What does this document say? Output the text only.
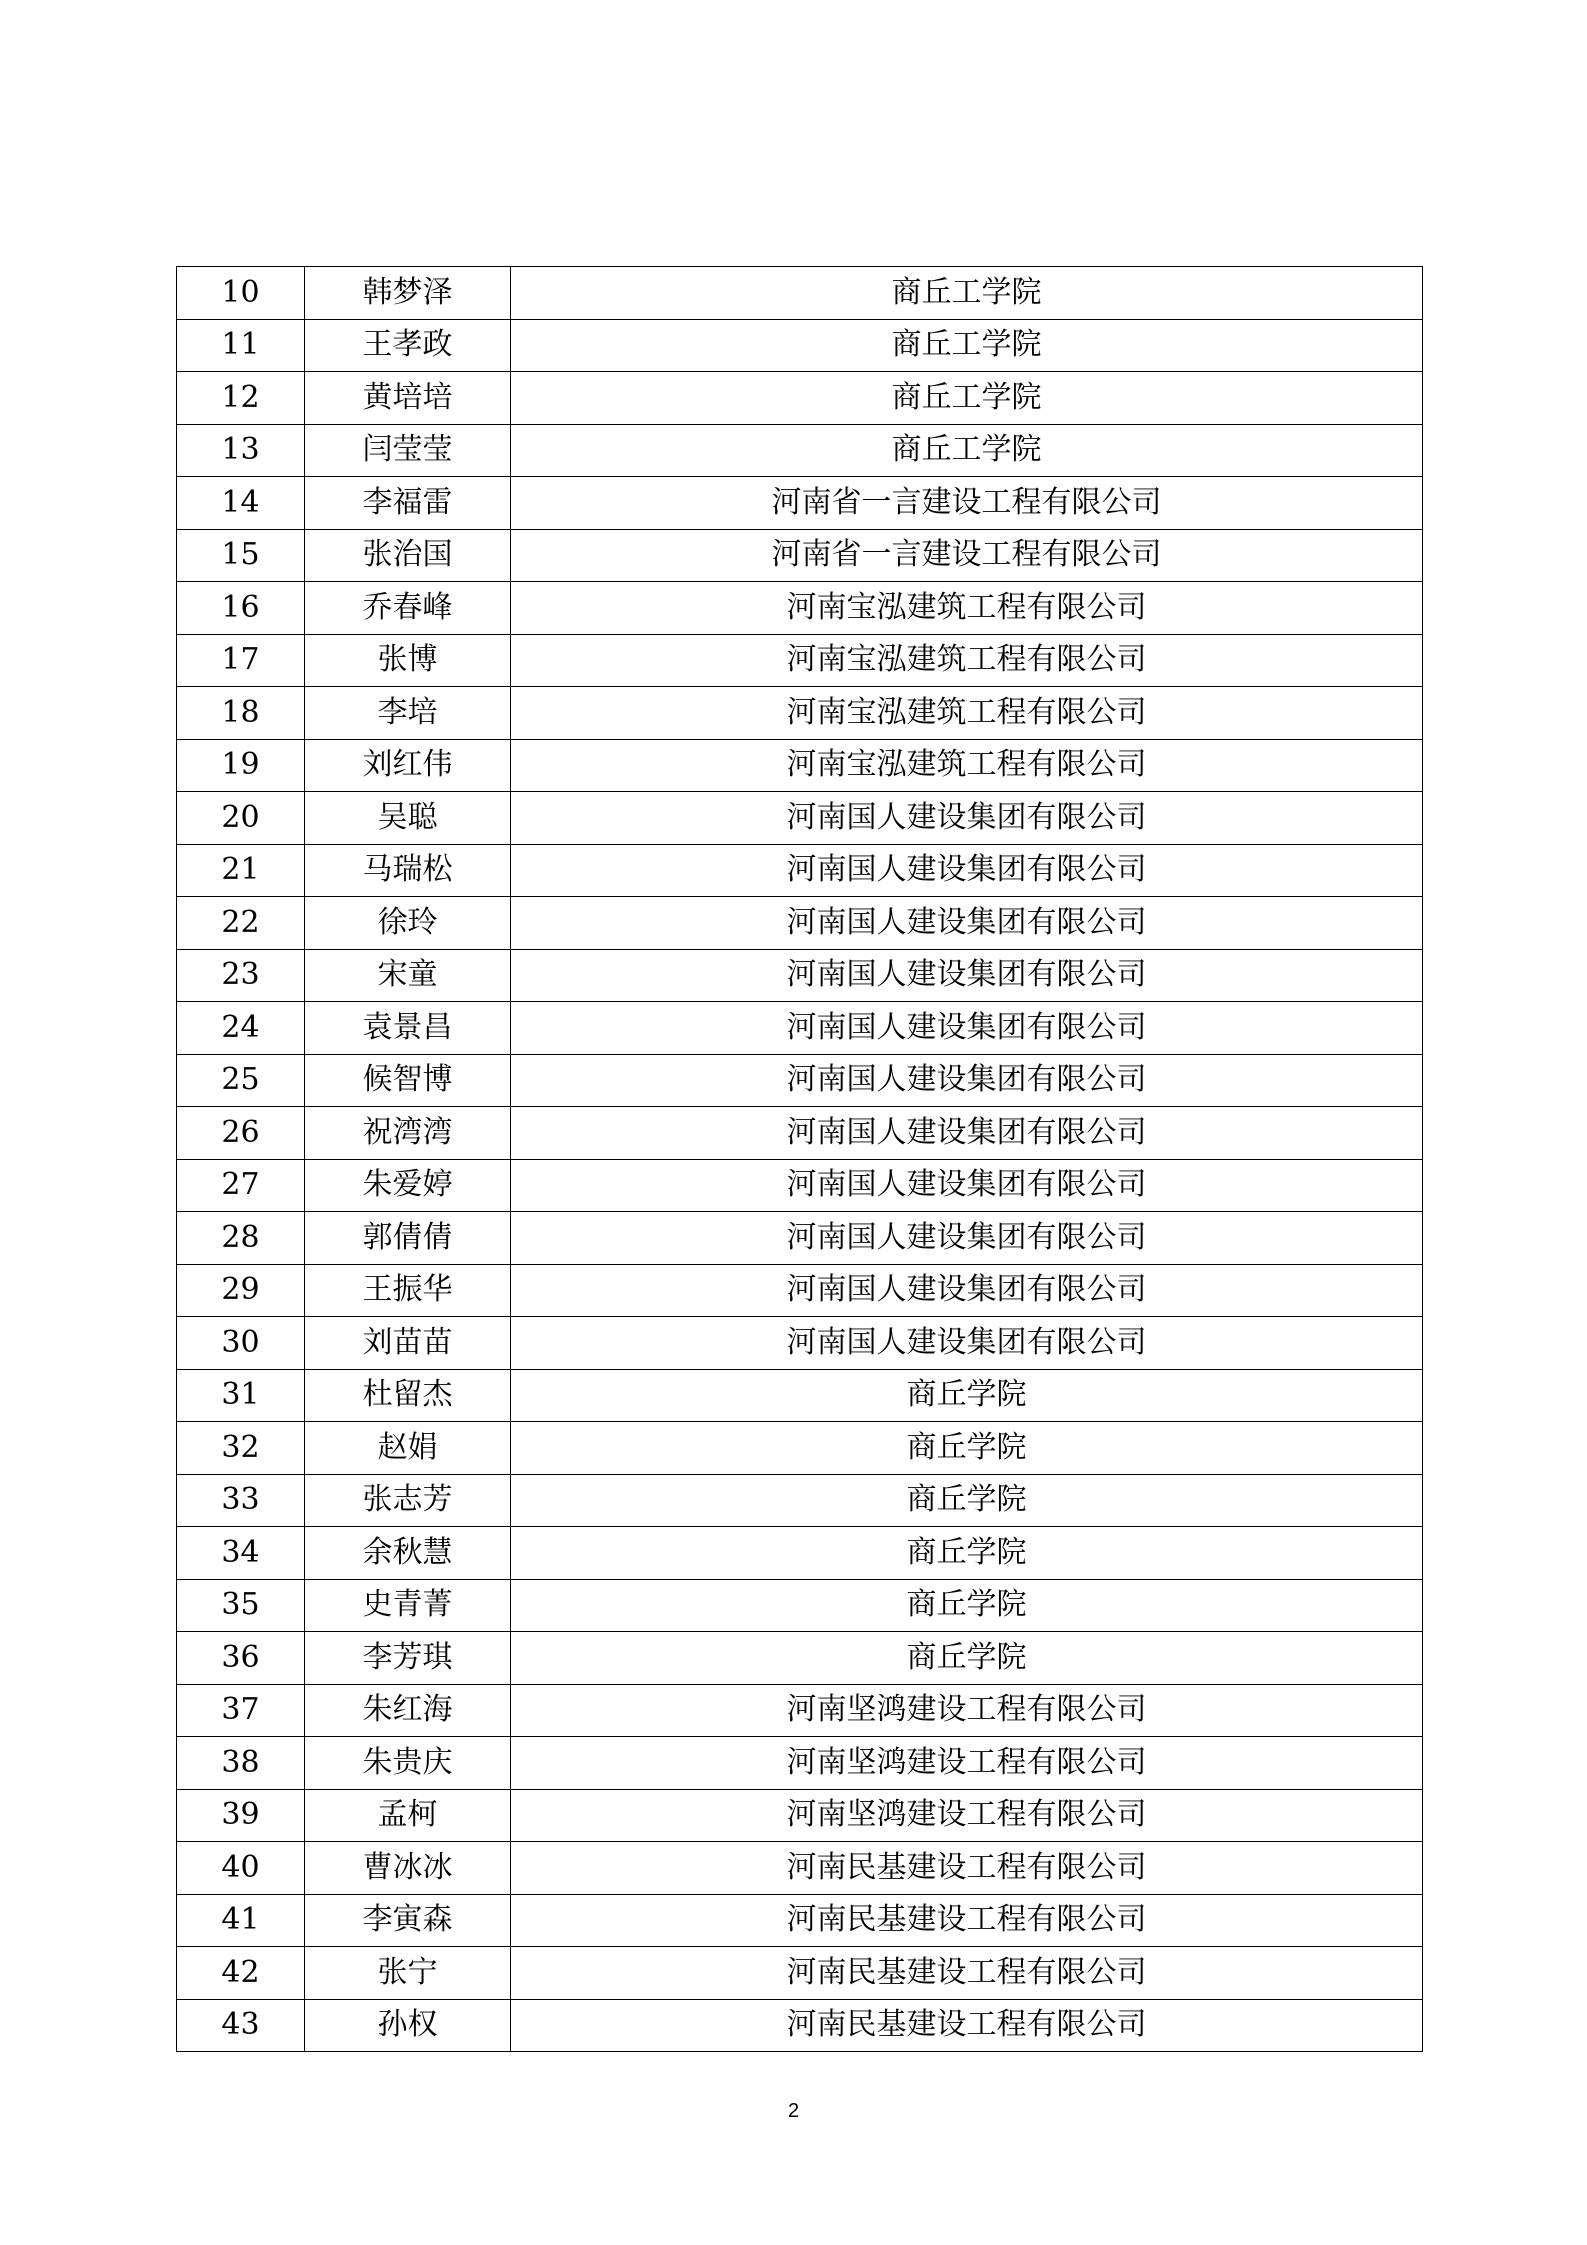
10	韩梦泽	商丘工学院
11	王孝政	商丘工学院
12	黄培培	商丘工学院
13	闫莹莹	商丘工学院
14	李福雷	河南省一言建设工程有限公司
15	张治国	河南省一言建设工程有限公司
16	乔春峰	河南宝泓建筑工程有限公司
17	张博	河南宝泓建筑工程有限公司
18	李培	河南宝泓建筑工程有限公司
19	刘红伟	河南宝泓建筑工程有限公司
20	吴聪	河南国人建设集团有限公司
21	马瑞松	河南国人建设集团有限公司
22	徐玲	河南国人建设集团有限公司
23	宋童	河南国人建设集团有限公司
24	袁景昌	河南国人建设集团有限公司
25	候智博	河南国人建设集团有限公司
26	祝湾湾	河南国人建设集团有限公司
27	朱爱婷	河南国人建设集团有限公司
28	郭倩倩	河南国人建设集团有限公司
29	王振华	河南国人建设集团有限公司
30	刘苗苗	河南国人建设集团有限公司
31	杜留杰	商丘学院
32	赵娟	商丘学院
33	张志芳	商丘学院
34	余秋慧	商丘学院
35	史青菁	商丘学院
36	李芳琪	商丘学院
37	朱红海	河南坚鸿建设工程有限公司
38	朱贵庆	河南坚鸿建设工程有限公司
39	孟柯	河南坚鸿建设工程有限公司
40	曹冰冰	河南民基建设工程有限公司
41	李寅森	河南民基建设工程有限公司
42	张宁	河南民基建设工程有限公司
43	孙权	河南民基建设工程有限公司
2
